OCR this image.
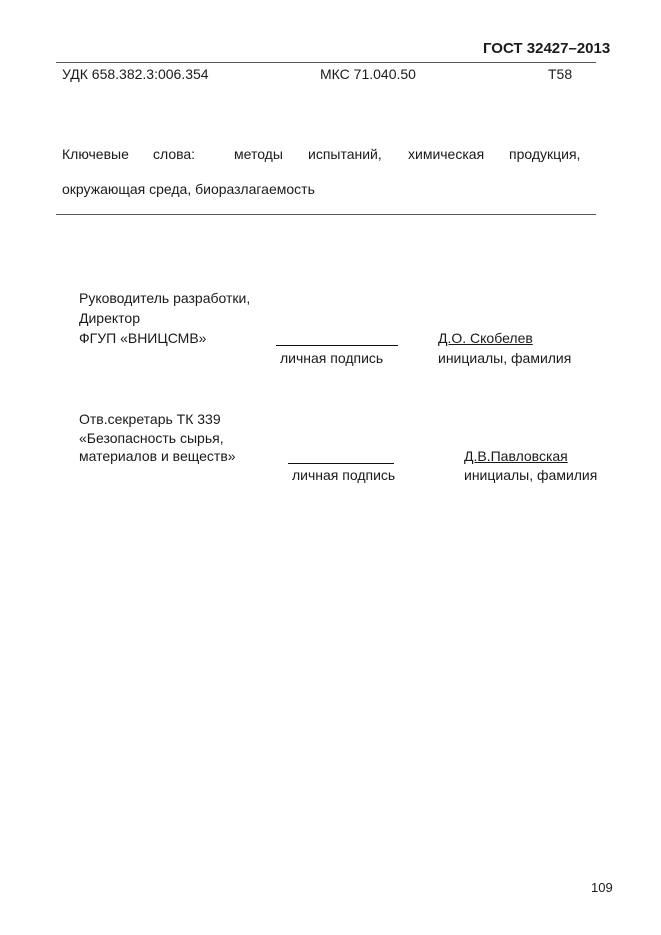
ГОСТ 32427–2013
УДК 658.382.3:006.354	МКС 71.040.50	Т58
Ключевые слова:	методы испытаний, химическая продукция,
окружающая среда, биоразлагаемость
Руководитель разработки,
Директор
ФГУП «ВНИЦСМВ»
личная подпись
Д.О. Скобелев
инициалы, фамилия
Отв.секретарь ТК 339
«Безопасность сырья,
материалов и веществ»
личная подпись
Д.В.Павловская
инициалы, фамилия
109
